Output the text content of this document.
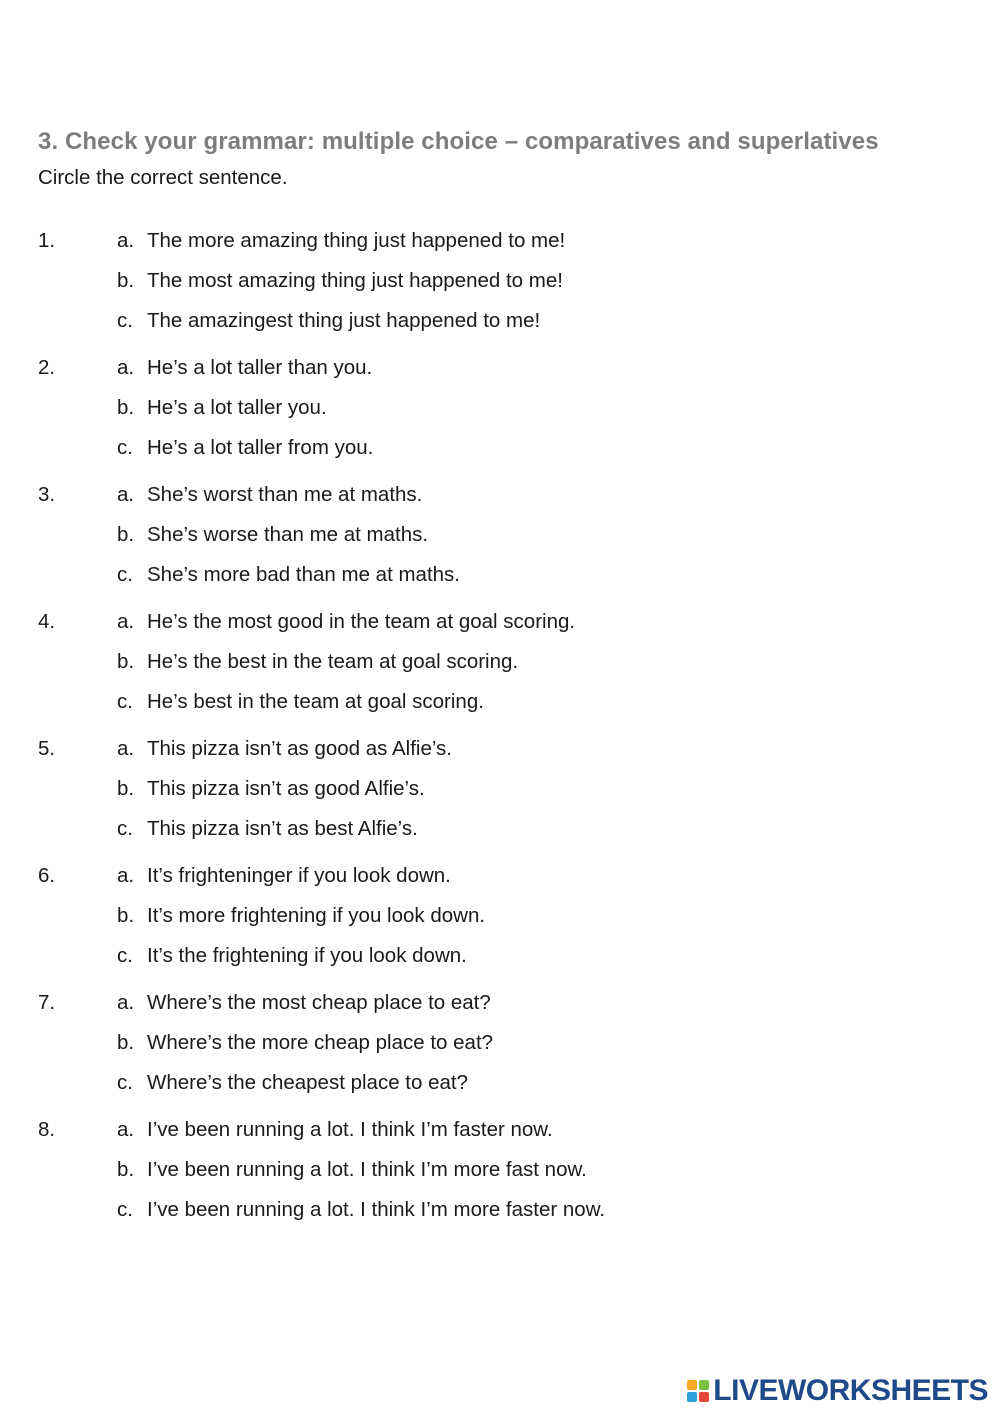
3. Check your grammar: multiple choice – comparatives and superlatives
Circle the correct sentence.
1.	a. The more amazing thing just happened to me!
b. The most amazing thing just happened to me!
c. The amazingest thing just happened to me!
2.	a. He’s a lot taller than you.
b. He’s a lot taller you.
c. He’s a lot taller from you.
3.	a. She’s worst than me at maths.
b. She’s worse than me at maths.
c. She’s more bad than me at maths.
4.	a. He’s the most good in the team at goal scoring.
b. He’s the best in the team at goal scoring.
c. He’s best in the team at goal scoring.
5.	a. This pizza isn’t as good as Alfie’s.
b. This pizza isn’t as good Alfie’s.
c. This pizza isn’t as best Alfie’s.
6.	a. It’s frighteninger if you look down.
b. It’s more frightening if you look down.
c. It’s the frightening if you look down.
7.	a. Where’s the most cheap place to eat?
b. Where’s the more cheap place to eat?
c. Where’s the cheapest place to eat?
8.	a. I’ve been running a lot. I think I’m faster now.
b. I’ve been running a lot. I think I’m more fast now.
c. I’ve been running a lot. I think I’m more faster now.
LIVEWORKSHEETS
